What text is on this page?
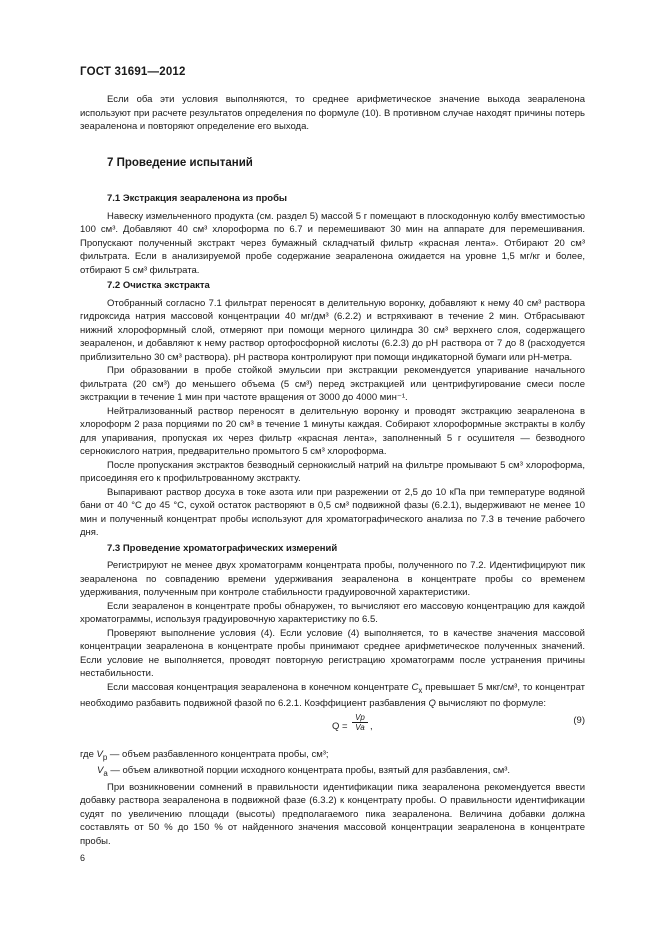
ГОСТ 31691—2012

Если оба эти условия выполняются, то среднее арифметическое значение выхода зеараленона используют при расчете результатов определения по формуле (10). В противном случае находят причины потерь зеараленона и повторяют определение его выхода.

7 Проведение испытаний
7.1 Экстракция зеараленона из пробы

Навеску измельченного продукта (см. раздел 5) массой 5 г помещают в плоскодонную колбу вместимостью 100 см³. Добавляют 40 см³ хлороформа по 6.7 и перемешивают 30 мин на аппарате для перемешивания. Пропускают полученный экстракт через бумажный складчатый фильтр «красная лента». Отбирают 20 см³ фильтрата. Если в анализируемой пробе содержание зеараленона ожидается на уровне 1,5 мг/кг и более, отбирают 5 см³ фильтрата.

7.2 Очистка экстракта

Отобранный согласно 7.1 фильтрат переносят в делительную воронку, добавляют к нему 40 см³ раствора гидроксида натрия массовой концентрации 40 мг/дм³ (6.2.2) и встряхивают в течение 2 мин. Отбрасывают нижний хлороформный слой, отмеряют при помощи мерного цилиндра 30 см³ верхнего слоя, содержащего зеараленон, и добавляют к нему раствор ортофосфорной кислоты (6.2.3) до pH раствора от 7 до 8 (расходуется приблизительно 30 см³ раствора). pH раствора контролируют при помощи индикаторной бумаги или pH-метра.

При образовании в пробе стойкой эмульсии при экстракции рекомендуется упаривание начального фильтрата (20 см³) до меньшего объема (5 см³) перед экстракцией или центрифугирование смеси после экстракции в течение 1 мин при частоте вращения от 3000 до 4000 мин⁻¹.

Нейтрализованный раствор переносят в делительную воронку и проводят экстракцию зеараленона в хлороформ 2 раза порциями по 20 см³ в течение 1 минуты каждая. Собирают хлороформные экстракты в колбу для упаривания, пропуская их через фильтр «красная лента», заполненный 5 г осушителя — безводного сернокислого натрия, предварительно промытого 5 см³ хлороформа.

После пропускания экстрактов безводный сернокислый натрий на фильтре промывают 5 см³ хлороформа, присоединяя его к профильтрованному экстракту.

Выпаривают раствор досуха в токе азота или при разрежении от 2,5 до 10 кПа при температуре водяной бани от 40 °С до 45 °С, сухой остаток растворяют в 0,5 см³ подвижной фазы (6.2.1), выдерживают не менее 10 мин и полученный концентрат пробы используют для хроматографического анализа по 7.3 в течение рабочего дня.

7.3 Проведение хроматографических измерений

Регистрируют не менее двух хроматограмм концентрата пробы, полученного по 7.2. Идентифицируют пик зеараленона по совпадению времени удерживания зеараленона в концентрате пробы со временем удерживания, полученным при контроле стабильности градуировочной характеристики.

Если зеараленон в концентрате пробы обнаружен, то вычисляют его массовую концентрацию для каждой хроматограммы, используя градуировочную характеристику по 6.5.

Проверяют выполнение условия (4). Если условие (4) выполняется, то в качестве значения массовой концентрации зеараленона в концентрате пробы принимают среднее арифметическое полученных значений. Если условие не выполняется, проводят повторную регистрацию хроматограмм после устранения причины нестабильности.

Если массовая концентрация зеараленона в конечном концентрате $C_x$ превышает 5 мкг/см³, то концентрат необходимо разбавить подвижной фазой по 6.2.1. Коэффициент разбавления Q вычисляют по формуле:

$Q = \frac{Vp}{Va}$ ,
(9)
где $V_p$ — объем разбавленного концентрата пробы, см³;
$V_a$ — объем аликвотной порции исходного концентрата пробы, взятый для разбавления, см³.

При возникновении сомнений в правильности идентификации пика зеараленона рекомендуется ввести добавку раствора зеараленона в подвижной фазе (6.3.2) к концентрату пробы. О правильности идентификации судят по увеличению площади (высоты) предполагаемого пика зеараленона. Величина добавки должна составлять от 50 % до 150 % от найденного значения массовой концентрации зеараленона в концентрате пробы.

6
